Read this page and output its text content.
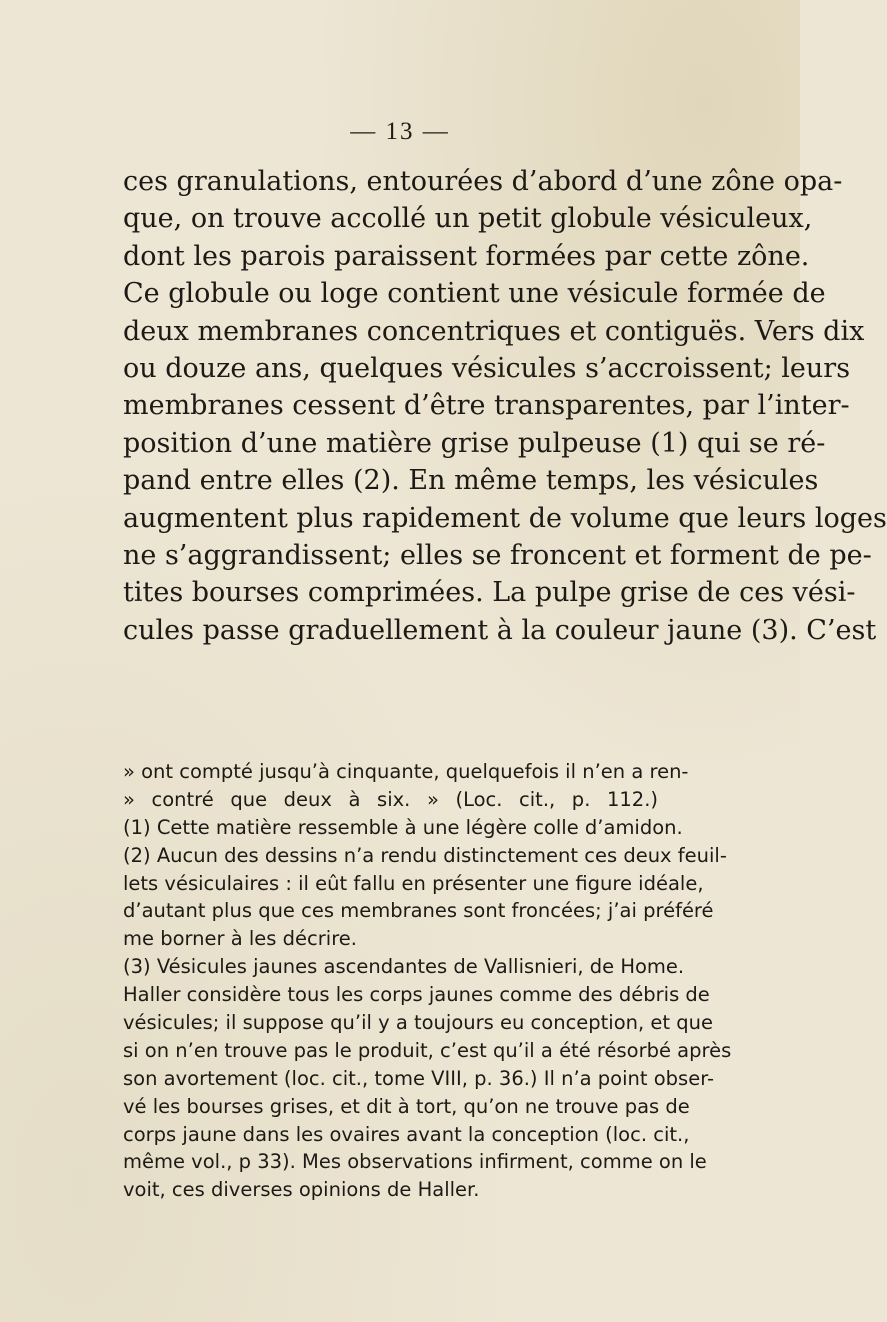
— 13 —
ces granulations, entourées d’abord d’une zône opa-
que, on trouve accollé un petit globule vésiculeux,
dont les parois paraissent formées par cette zône.
Ce globule ou loge contient une vésicule formée de
deux membranes concentriques et contiguës. Vers dix
ou douze ans, quelques vésicules s’accroissent; leurs
membranes cessent d’être transparentes, par l’inter-
position d’une matière grise pulpeuse (1) qui se ré-
pand entre elles (2). En même temps, les vésicules
augmentent plus rapidement de volume que leurs loges
ne s’aggrandissent; elles se froncent et forment de pe-
tites bourses comprimées. La pulpe grise de ces vési-
cules passe graduellement à la couleur jaune (3). C’est
» ont compté jusqu’à cinquante, quelquefois il n’en a ren-
» contré que deux à six. » (Loc. cit., p. 112.)
(1) Cette matière ressemble à une légère colle d’amidon.
(2) Aucun des dessins n’a rendu distinctement ces deux feuil-
lets vésiculaires : il eût fallu en présenter une figure idéale,
d’autant plus que ces membranes sont froncées; j’ai préféré
me borner à les décrire.
(3) Vésicules jaunes ascendantes de Vallisnieri, de Home.
Haller considère tous les corps jaunes comme des débris de
vésicules; il suppose qu’il y a toujours eu conception, et que
si on n’en trouve pas le produit, c’est qu’il a été résorbé après
son avortement (loc. cit., tome VIII, p. 36.) Il n’a point obser-
vé les bourses grises, et dit à tort, qu’on ne trouve pas de
corps jaune dans les ovaires avant la conception (loc. cit.,
même vol., p 33). Mes observations infirment, comme on le
voit, ces diverses opinions de Haller.
